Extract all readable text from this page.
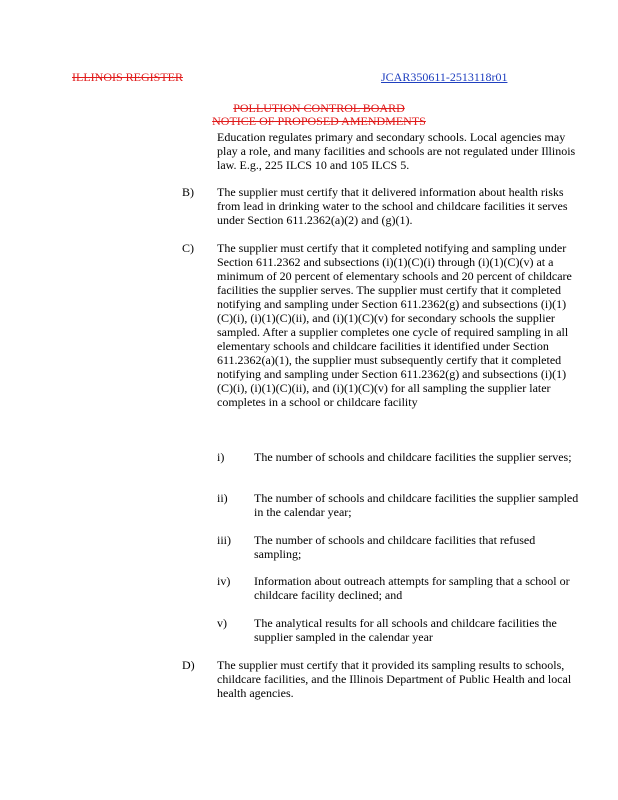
ILLINOIS REGISTER	JCAR350611-2513118r01
POLLUTION CONTROL BOARD
NOTICE OF PROPOSED AMENDMENTS
Education regulates primary and secondary schools. Local agencies may play a role, and many facilities and schools are not regulated under Illinois law. E.g., 225 ILCS 10 and 105 ILCS 5.
B) The supplier must certify that it delivered information about health risks from lead in drinking water to the school and childcare facilities it serves under Section 611.2362(a)(2) and (g)(1).
C) The supplier must certify that it completed notifying and sampling under Section 611.2362 and subsections (i)(1)(C)(i) through (i)(1)(C)(v) at a minimum of 20 percent of elementary schools and 20 percent of childcare facilities the supplier serves. The supplier must certify that it completed notifying and sampling under Section 611.2362(g) and subsections (i)(1)(C)(i), (i)(1)(C)(ii), and (i)(1)(C)(v) for secondary schools the supplier sampled. After a supplier completes one cycle of required sampling in all elementary schools and childcare facilities it identified under Section 611.2362(a)(1), the supplier must subsequently certify that it completed notifying and sampling under Section 611.2362(g) and subsections (i)(1)(C)(i), (i)(1)(C)(ii), and (i)(1)(C)(v) for all sampling the supplier later completes in a school or childcare facility
i) The number of schools and childcare facilities the supplier serves;
ii) The number of schools and childcare facilities the supplier sampled in the calendar year;
iii) The number of schools and childcare facilities that refused sampling;
iv) Information about outreach attempts for sampling that a school or childcare facility declined; and
v) The analytical results for all schools and childcare facilities the supplier sampled in the calendar year
D) The supplier must certify that it provided its sampling results to schools, childcare facilities, and the Illinois Department of Public Health and local health agencies.
